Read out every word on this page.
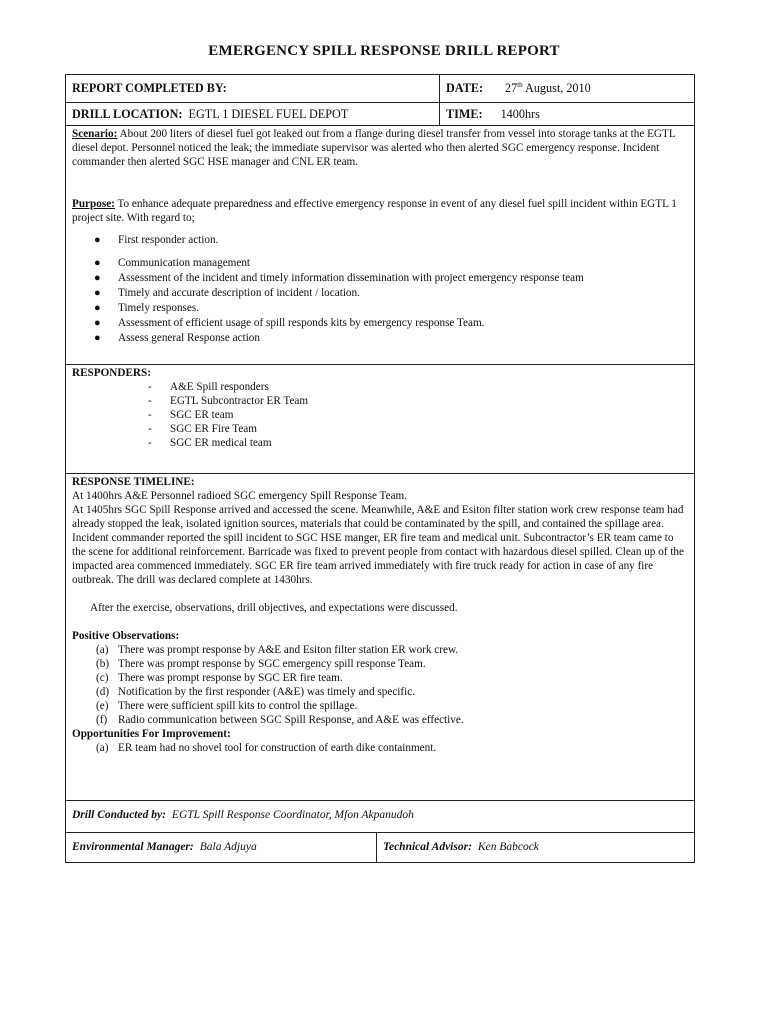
EMERGENCY SPILL RESPONSE DRILL REPORT
REPORT COMPLETED BY:	DATE: 27th August, 2010
DRILL LOCATION: EGTL 1 DIESEL FUEL DEPOT	TIME: 1400hrs

Scenario: About 200 liters of diesel fuel got leaked out from a flange during diesel transfer from vessel into storage tanks at the EGTL diesel depot. Personnel noticed the leak; the immediate supervisor was alerted who then alerted SGC emergency response. Incident commander then alerted SGC HSE manager and CNL ER team.

Purpose: To enhance adequate preparedness and effective emergency response in event of any diesel fuel spill incident within EGTL 1 project site. With regard to;

● First responder action.
● Communication management
● Assessment of the incident and timely information dissemination with project emergency response team
● Timely and accurate description of incident / location.
● Timely responses.
● Assessment of efficient usage of spill responds kits by emergency response Team.
● Assess general Response action

RESPONDERS:

- A&E Spill responders
- EGTL Subcontractor ER Team
- SGC ER team
- SGC ER Fire Team
- SGC ER medical team

RESPONSE TIMELINE:

At 1400hrs A&E Personnel radioed SGC emergency Spill Response Team.

At 1405hrs SGC Spill Response arrived and accessed the scene. Meanwhile, A&E and Esiton filter station work crew response team had already stopped the leak, isolated ignition sources, materials that could be contaminated by the spill, and contained the spillage area. Incident commander reported the spill incident to SGC HSE manger, ER fire team and medical unit. Subcontractor’s ER team came to the scene for additional reinforcement. Barricade was fixed to prevent people from contact with hazardous diesel spilled. Clean up of the impacted area commenced immediately. SGC ER fire team arrived immediately with fire truck ready for action in case of any fire outbreak. The drill was declared complete at 1430hrs.

After the exercise, observations, drill objectives, and expectations were discussed.

Positive Observations:

(a) There was prompt response by A&E and Esiton filter station ER work crew.
(b) There was prompt response by SGC emergency spill response Team.
(c) There was prompt response by SGC ER fire team.
(d) Notification by the first responder (A&E) was timely and specific.
(e) There were sufficient spill kits to control the spillage.
(f) Radio communication between SGC Spill Response, and A&E was effective.

Opportunities For Improvement:

(a) ER team had no shovel tool for construction of earth dike containment.
Drill Conducted by: EGTL Spill Response Coordinator, Mfon Akpanudoh
Environmental Manager: Bala Adjuya	Technical Advisor: Ken Babcock
